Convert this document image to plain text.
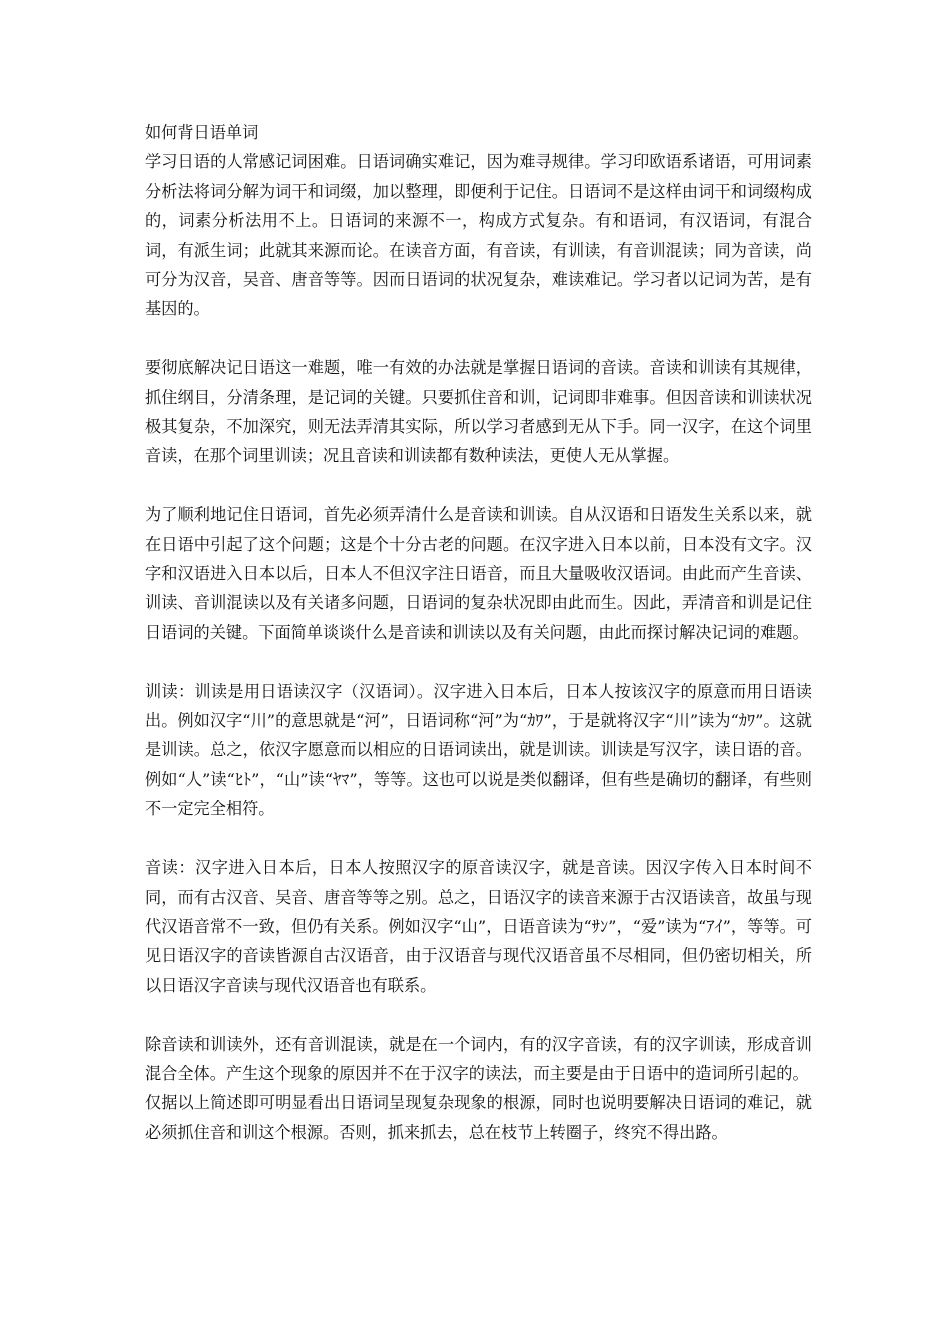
如何背日语单词

学习日语的人常感记词困难。日语词确实难记，因为难寻规律。学习印欧语系诸语，可用词素分析法将词分解为词干和词缀，加以整理，即便利于记住。日语词不是这样由词干和词缀构成的，词素分析法用不上。日语词的来源不一，构成方式复杂。有和语词，有汉语词，有混合词，有派生词；此就其来源而论。在读音方面，有音读，有训读，有音训混读；同为音读，尚可分为汉音，吴音、唐音等等。因而日语词的状况复杂，难读难记。学习者以记词为苦，是有基因的。

要彻底解决记日语这一难题，唯一有效的办法就是掌握日语词的音读。音读和训读有其规律，抓住纲目，分清条理，是记词的关键。只要抓住音和训，记词即非难事。但因音读和训读状况极其复杂，不加深究，则无法弄清其实际，所以学习者感到无从下手。同一汉字，在这个词里音读，在那个词里训读；况且音读和训读都有数种读法，更使人无从掌握。

为了顺利地记住日语词，首先必须弄清什么是音读和训读。自从汉语和日语发生关系以来，就在日语中引起了这个问题；这是个十分古老的问题。在汉字进入日本以前，日本没有文字。汉字和汉语进入日本以后，日本人不但汉字注日语音，而且大量吸收汉语词。由此而产生音读、训读、音训混读以及有关诸多问题，日语词的复杂状况即由此而生。因此，弄清音和训是记住日语词的关键。下面简单谈谈什么是音读和训读以及有关问题，由此而探讨解决记词的难题。

训读：训读是用日语读汉字（汉语词）。汉字进入日本后，日本人按该汉字的原意而用日语读出。例如汉字“川”的意思就是“河”，日语词称“河”为“ｶﾜ”，于是就将汉字“川”读为“ｶﾜ”。这就是训读。总之，依汉字愿意而以相应的日语词读出，就是训读。训读是写汉字，读日语的音。例如“人”读“ﾋﾄ”，“山”读“ﾔﾏ”，等等。这也可以说是类似翻译，但有些是确切的翻译，有些则不一定完全相符。

音读：汉字进入日本后，日本人按照汉字的原音读汉字，就是音读。因汉字传入日本时间不同，而有古汉音、吴音、唐音等等之别。总之，日语汉字的读音来源于古汉语读音，故虽与现代汉语音常不一致，但仍有关系。例如汉字“山”，日语音读为“ｻﾝ”，“爱”读为“ｱｲ”，等等。可见日语汉字的音读皆源自古汉语音，由于汉语音与现代汉语音虽不尽相同，但仍密切相关，所以日语汉字音读与现代汉语音也有联系。

除音读和训读外，还有音训混读，就是在一个词内，有的汉字音读，有的汉字训读，形成音训混合全体。产生这个现象的原因并不在于汉字的读法，而主要是由于日语中的造词所引起的。

仅据以上简述即可明显看出日语词呈现复杂现象的根源，同时也说明要解决日语词的难记，就必须抓住音和训这个根源。否则，抓来抓去，总在枝节上转圈子，终究不得出路。
